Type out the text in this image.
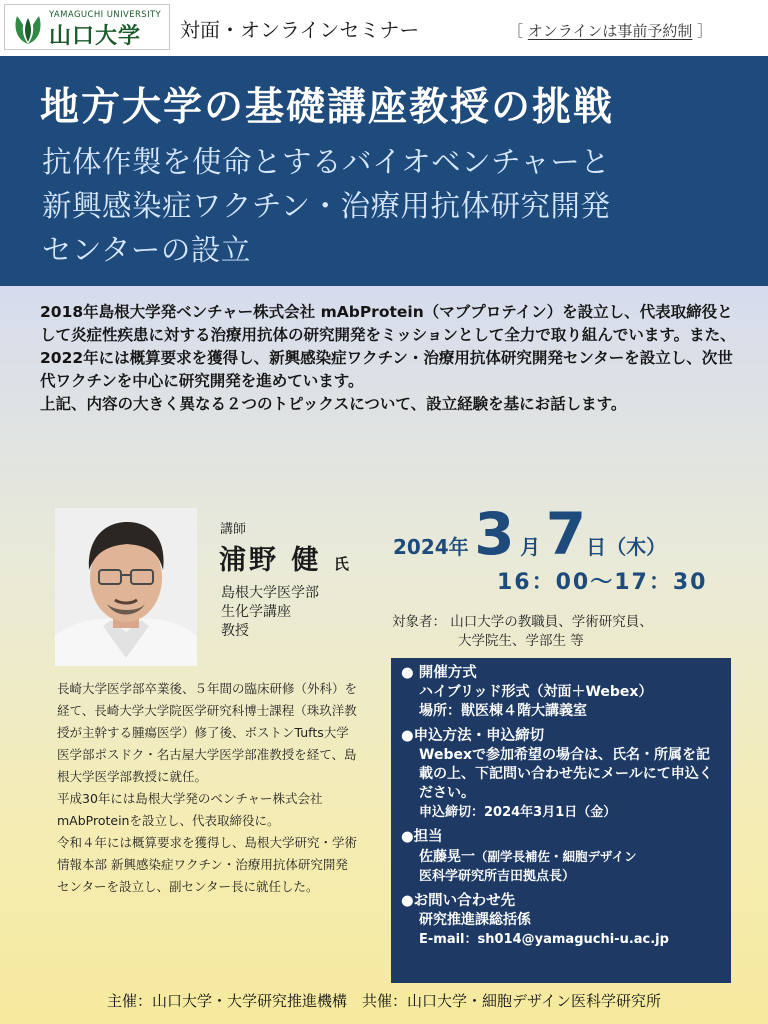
YAMAGUCHI UNIVERSITY
山口大学 対面・オンラインセミナー	［ オンラインは事前予約制 ］
地方大学の基礎講座教授の挑戦
抗体作製を使命とするバイオベンチャーと
新興感染症ワクチン・治療用抗体研究開発
センターの設立
2018年島根大学発ベンチャー株式会社 mAbProtein（マブプロテイン）を設立し、代表取締役として炎症性疾患に対する治療用抗体の研究開発をミッションとして全力で取り組んでいます。また、2022年には概算要求を獲得し、新興感染症ワクチン・治療用抗体研究開発センターを設立し、次世代ワクチンを中心に研究開発を進めています。
上記、内容の大きく異なる２つのトピックスについて、設立経験を基にお話します。
講師
浦野 健 氏
島根大学医学部
生化学講座
教授
2024年 3 月 7日（木）
16：00〜17：30
対象者： 山口大学の教職員、学術研究員、
大学院生、学部生 等
長崎大学医学部卒業後、５年間の臨床研修（外科）を経て、長崎大学大学院医学研究科博士課程（珠玖洋教授が主幹する腫瘍医学）修了後、ボストンTufts大学医学部ポスドク・名古屋大学医学部准教授を経て、島根大学医学部教授に就任。
平成30年には島根大学発のベンチャー株式会社 mAbProteinを設立し、代表取締役に。
令和４年には概算要求を獲得し、島根大学研究・学術情報本部 新興感染症ワクチン・治療用抗体研究開発センターを設立し、副センター長に就任した。
● 開催方式
ハイブリッド形式（対面＋Webex）
場所：獣医棟４階大講義室
●申込方法・申込締切
Webexで参加希望の場合は、氏名・所属を記載の上、下記問い合わせ先にメールにて申込ください。
申込締切：2024年3月1日（金）
●担当
佐藤晃一（副学長補佐・細胞デザイン
医科学研究所吉田拠点長）
●お問い合わせ先
研究推進課総括係
E-mail：sh014@yamaguchi-u.ac.jp
主催：山口大学・大学研究推進機構　共催：山口大学・細胞デザイン医科学研究所
